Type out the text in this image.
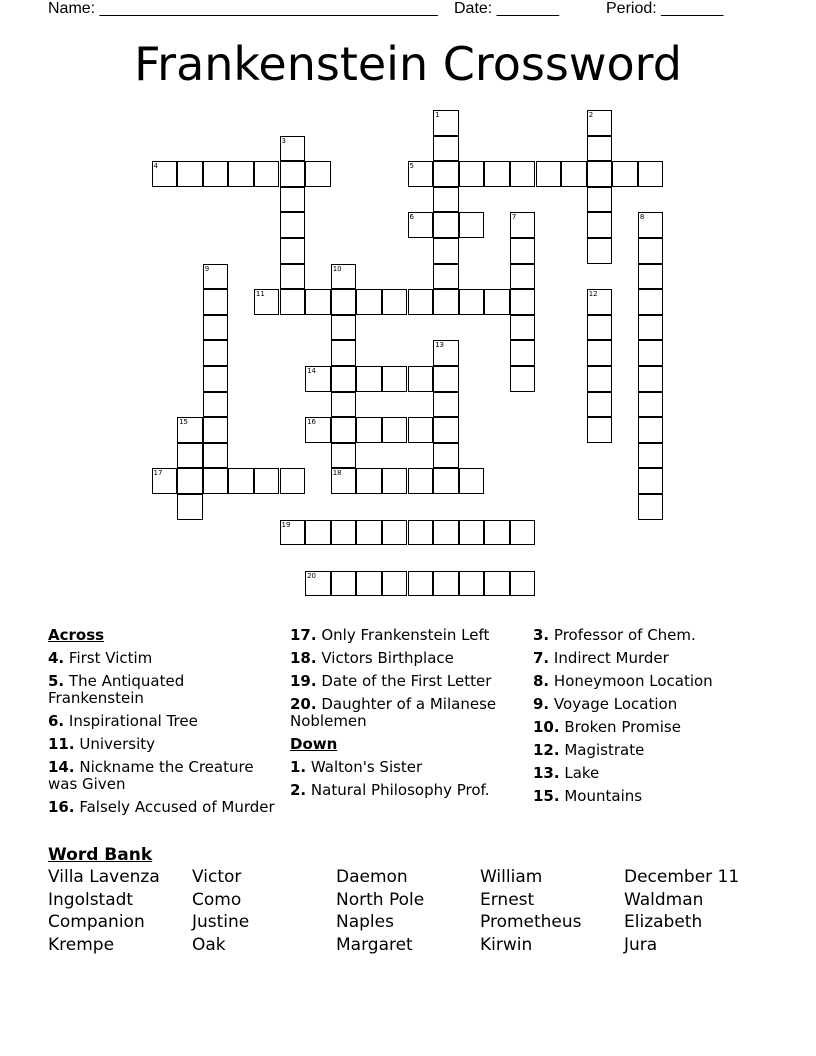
Name: ______________________________________ Date: _______	Period: _______
Frankenstein Crossword
1	2
3
4	5
6	7	8
9	10
18
11	12
13
14
15	16
17
19
20
Across
4. First Victim
5. The Antiquated Frankenstein
6. Inspirational Tree
11. University
14. Nickname the Creature was Given
16. Falsely Accused of Murder
17. Only Frankenstein Left
18. Victors Birthplace
19. Date of the First Letter
20. Daughter of a Milanese Noblemen
Down
1. Walton's Sister
2. Natural Philosophy Prof.
3. Professor of Chem.
7. Indirect Murder
8. Honeymoon Location
9. Voyage Location
10. Broken Promise
12. Magistrate
13. Lake
15. Mountains
Word Bank
Villa Lavenza
Ingolstadt
Companion
Krempe
Victor
Como
Justine
Oak
Daemon
North Pole
Naples
Margaret
William
Ernest
Prometheus
Kirwin
December 11
Waldman
Elizabeth
Jura
